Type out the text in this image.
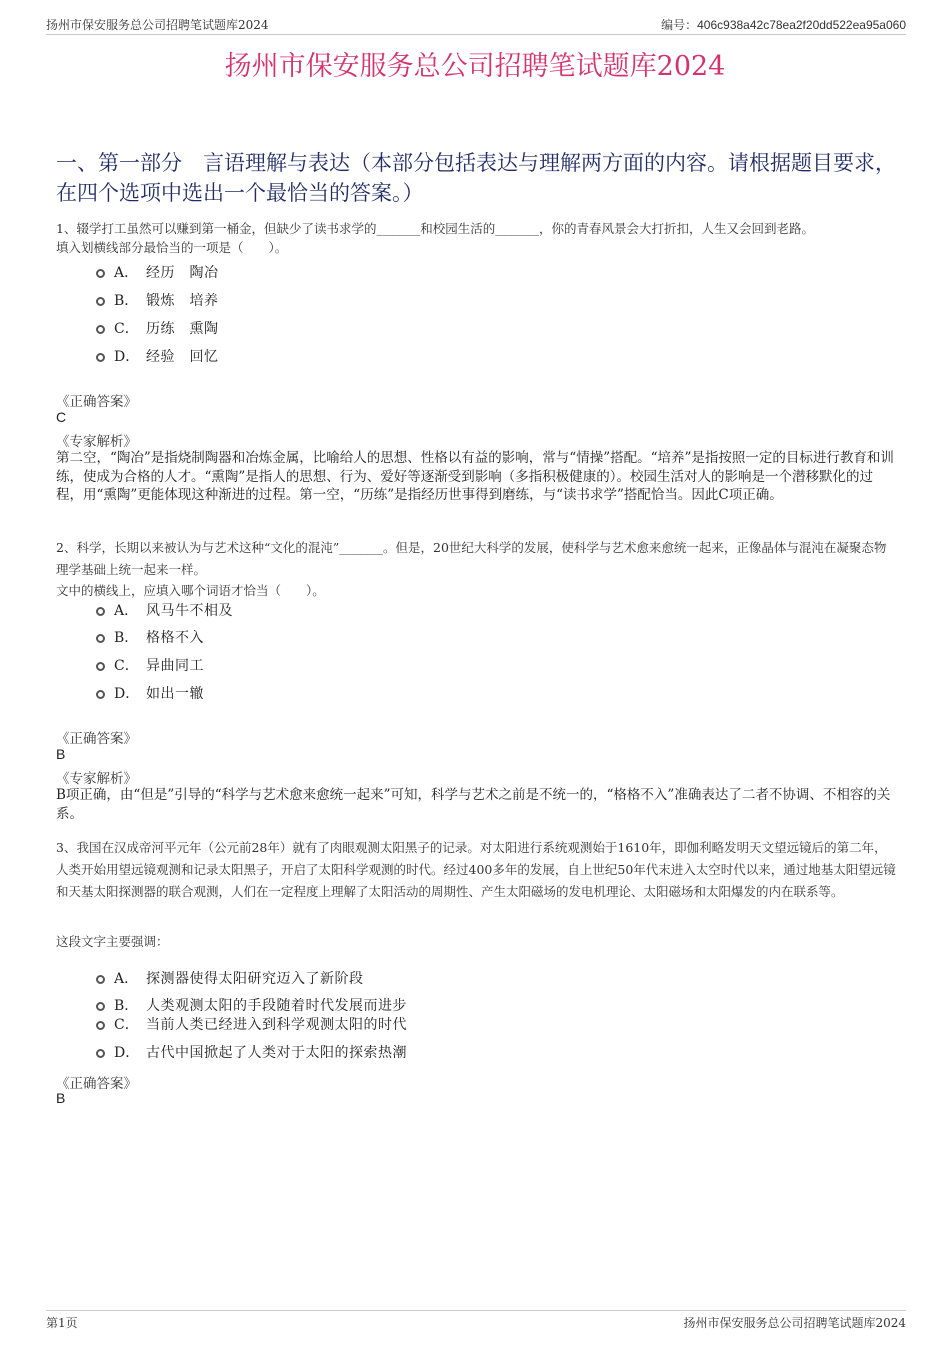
扬州市保安服务总公司招聘笔试题库2024	编号：406c938a42c78ea2f20dd522ea95a060
扬州市保安服务总公司招聘笔试题库2024
一、第一部分　言语理解与表达（本部分包括表达与理解两方面的内容。请根据题目要求，在四个选项中选出一个最恰当的答案。）
1、辍学打工虽然可以赚到第一桶金，但缺少了读书求学的_______和校园生活的_______，你的青春风景会大打折扣，人生又会回到老路。
填入划横线部分最恰当的一项是（　　）。
A． 经历　陶冶
B． 锻炼　培养
C． 历练　熏陶
D． 经验　回忆
《正确答案》
C
《专家解析》
第二空，“陶冶”是指烧制陶器和冶炼金属，比喻给人的思想、性格以有益的影响，常与“情操”搭配。“培养”是指按照一定的目标进行教育和训练，使成为合格的人才。“熏陶”是指人的思想、行为、爱好等逐渐受到影响（多指积极健康的）。校园生活对人的影响是一个潜移默化的过程，用“熏陶”更能体现这种渐进的过程。第一空，“历练”是指经历世事得到磨练，与“读书求学”搭配恰当。因此C项正确。
2、科学，长期以来被认为与艺术这种“文化的混沌”_______。但是，20世纪大科学的发展，使科学与艺术愈来愈统一起来，正像晶体与混沌在凝聚态物理学基础上统一起来一样。
文中的横线上，应填入哪个词语才恰当（　　）。
A． 风马牛不相及
B． 格格不入
C． 异曲同工
D． 如出一辙
《正确答案》
B
《专家解析》
B项正确，由“但是”引导的“科学与艺术愈来愈统一起来”可知，科学与艺术之前是不统一的，“格格不入”准确表达了二者不协调、不相容的关系。
3、我国在汉成帝河平元年（公元前28年）就有了肉眼观测太阳黑子的记录。对太阳进行系统观测始于1610年，即伽利略发明天文望远镜后的第二年，人类开始用望远镜观测和记录太阳黑子，开启了太阳科学观测的时代。经过400多年的发展，自上世纪50年代末进入太空时代以来，通过地基太阳望远镜和天基太阳探测器的联合观测，人们在一定程度上理解了太阳活动的周期性、产生太阳磁场的发电机理论、太阳磁场和太阳爆发的内在联系等。
这段文字主要强调：
A． 探测器使得太阳研究迈入了新阶段
B． 人类观测太阳的手段随着时代发展而进步
C． 当前人类已经进入到科学观测太阳的时代
D． 古代中国掀起了人类对于太阳的探索热潮
《正确答案》
B
第1页	扬州市保安服务总公司招聘笔试题库2024
